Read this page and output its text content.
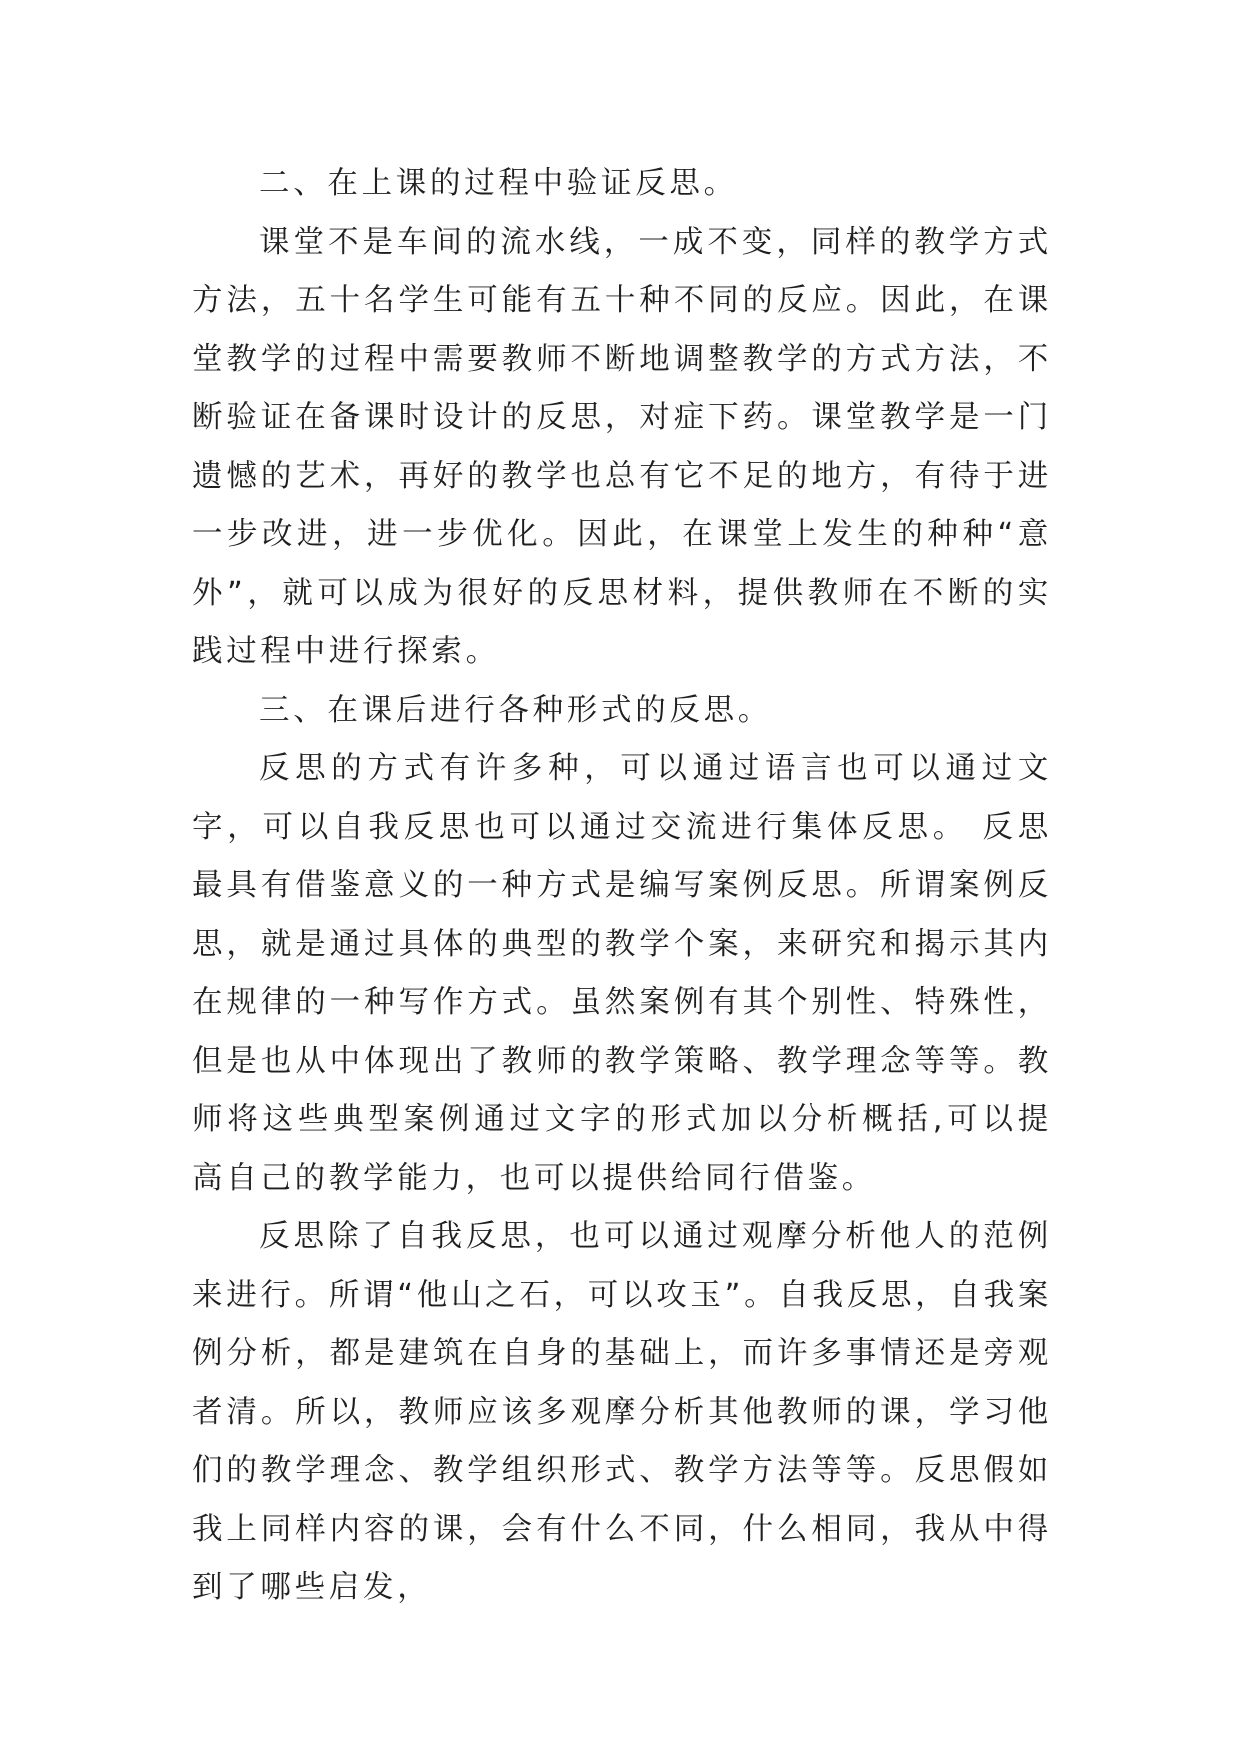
二、在上课的过程中验证反思。

课堂不是车间的流水线，一成不变，同样的教学方式方法，五十名学生可能有五十种不同的反应。因此，在课堂教学的过程中需要教师不断地调整教学的方式方法，不断验证在备课时设计的反思，对症下药。课堂教学是一门遗憾的艺术，再好的教学也总有它不足的地方，有待于进一步改进，进一步优化。因此，在课堂上发生的种种“意外”，就可以成为很好的反思材料，提供教师在不断的实践过程中进行探索。

三、在课后进行各种形式的反思。

反思的方式有许多种，可以通过语言也可以通过文字，可以自我反思也可以通过交流进行集体反思。 反思最具有借鉴意义的一种方式是编写案例反思。所谓案例反思，就是通过具体的典型的教学个案，来研究和揭示其内在规律的一种写作方式。虽然案例有其个别性、特殊性，但是也从中体现出了教师的教学策略、教学理念等等。教师将这些典型案例通过文字的形式加以分析概括,可以提高自己的教学能力，也可以提供给同行借鉴。

反思除了自我反思，也可以通过观摩分析他人的范例来进行。所谓“他山之石，可以攻玉”。自我反思，自我案例分析，都是建筑在自身的基础上，而许多事情还是旁观者清。所以，教师应该多观摩分析其他教师的课，学习他们的教学理念、教学组织形式、教学方法等等。反思假如我上同样内容的课，会有什么不同，什么相同，我从中得到了哪些启发，
